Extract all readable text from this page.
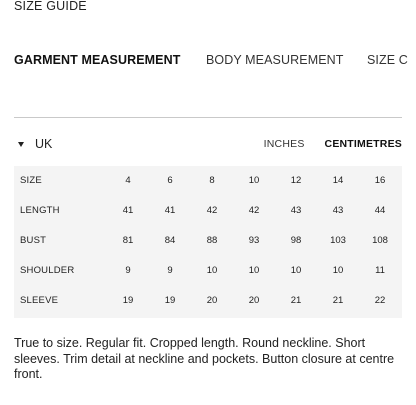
SIZE GUIDE
GARMENT MEASUREMENT BODY MEASUREMENT SIZE C
UK	INCHES CENTIMETRES
SIZE	4	6	8	10	12	14	16
LENGTH	41	41	42	42	43	43	44
BUST	81	84	88	93	98	103	108
SHOULDER	9	9	10	10	10	10	11
SLEEVE	19	19	20	20	21	21	22
True to size. Regular fit. Cropped length. Round neckline. Short sleeves. Trim detail at neckline and pockets. Button closure at centre front.
